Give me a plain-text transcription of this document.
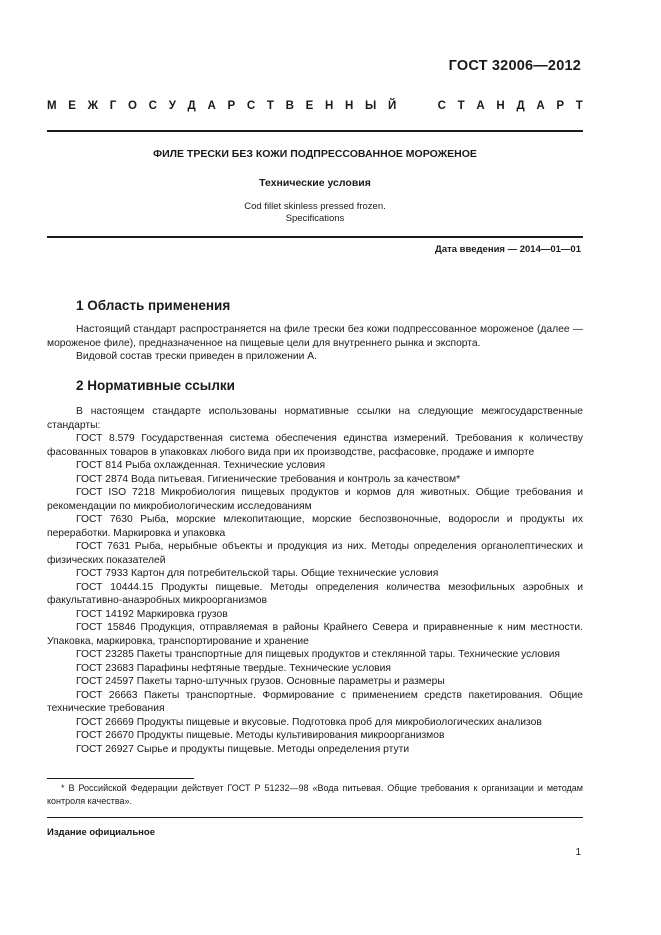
ГОСТ 32006—2012
М Е Ж Г О С У Д А Р С Т В Е Н Н Ы Й	С Т А Н Д А Р Т
ФИЛЕ ТРЕСКИ БЕЗ КОЖИ ПОДПРЕССОВАННОЕ МОРОЖЕНОЕ
Технические условия
Cod fillet skinless pressed frozen.
Specifications
Дата введения — 2014—01—01
1 Область применения

Настоящий стандарт распространяется на филе трески без кожи подпрессованное мороженое (далее — мороженое филе), предназначенное на пищевые цели для внутреннего рынка и экспорта.

Видовой состав трески приведен в приложении А.

2 Нормативные ссылки

В настоящем стандарте использованы нормативные ссылки на следующие межгосударственные стандарты:

ГОСТ 8.579 Государственная система обеспечения единства измерений. Требования к количеству фасованных товаров в упаковках любого вида при их производстве, расфасовке, продаже и импорте

ГОСТ 814 Рыба охлажденная. Технические условия

ГОСТ 2874 Вода питьевая. Гигиенические требования и контроль за качеством*

ГОСТ ISO 7218 Микробиология пищевых продуктов и кормов для животных. Общие требования и рекомендации по микробиологическим исследованиям

ГОСТ 7630 Рыба, морские млекопитающие, морские беспозвоночные, водоросли и продукты их переработки. Маркировка и упаковка

ГОСТ 7631 Рыба, нерыбные объекты и продукция из них. Методы определения органолептических и физических показателей

ГОСТ 7933 Картон для потребительской тары. Общие технические условия

ГОСТ 10444.15 Продукты пищевые. Методы определения количества мезофильных аэробных и факультативно-анаэробных микроорганизмов

ГОСТ 14192 Маркировка грузов

ГОСТ 15846 Продукция, отправляемая в районы Крайнего Севера и приравненные к ним местности. Упаковка, маркировка, транспортирование и хранение

ГОСТ 23285 Пакеты транспортные для пищевых продуктов и стеклянной тары. Технические условия

ГОСТ 23683 Парафины нефтяные твердые. Технические условия

ГОСТ 24597 Пакеты тарно-штучных грузов. Основные параметры и размеры

ГОСТ 26663 Пакеты транспортные. Формирование с применением средств пакетирования. Общие технические требования

ГОСТ 26669 Продукты пищевые и вкусовые. Подготовка проб для микробиологических анализов

ГОСТ 26670 Продукты пищевые. Методы культивирования микроорганизмов

ГОСТ 26927 Сырье и продукты пищевые. Методы определения ртути

* В Российской Федерации действует ГОСТ Р 51232—98 «Вода питьевая. Общие требования к организации и методам контроля качества».

Издание официальное
1
